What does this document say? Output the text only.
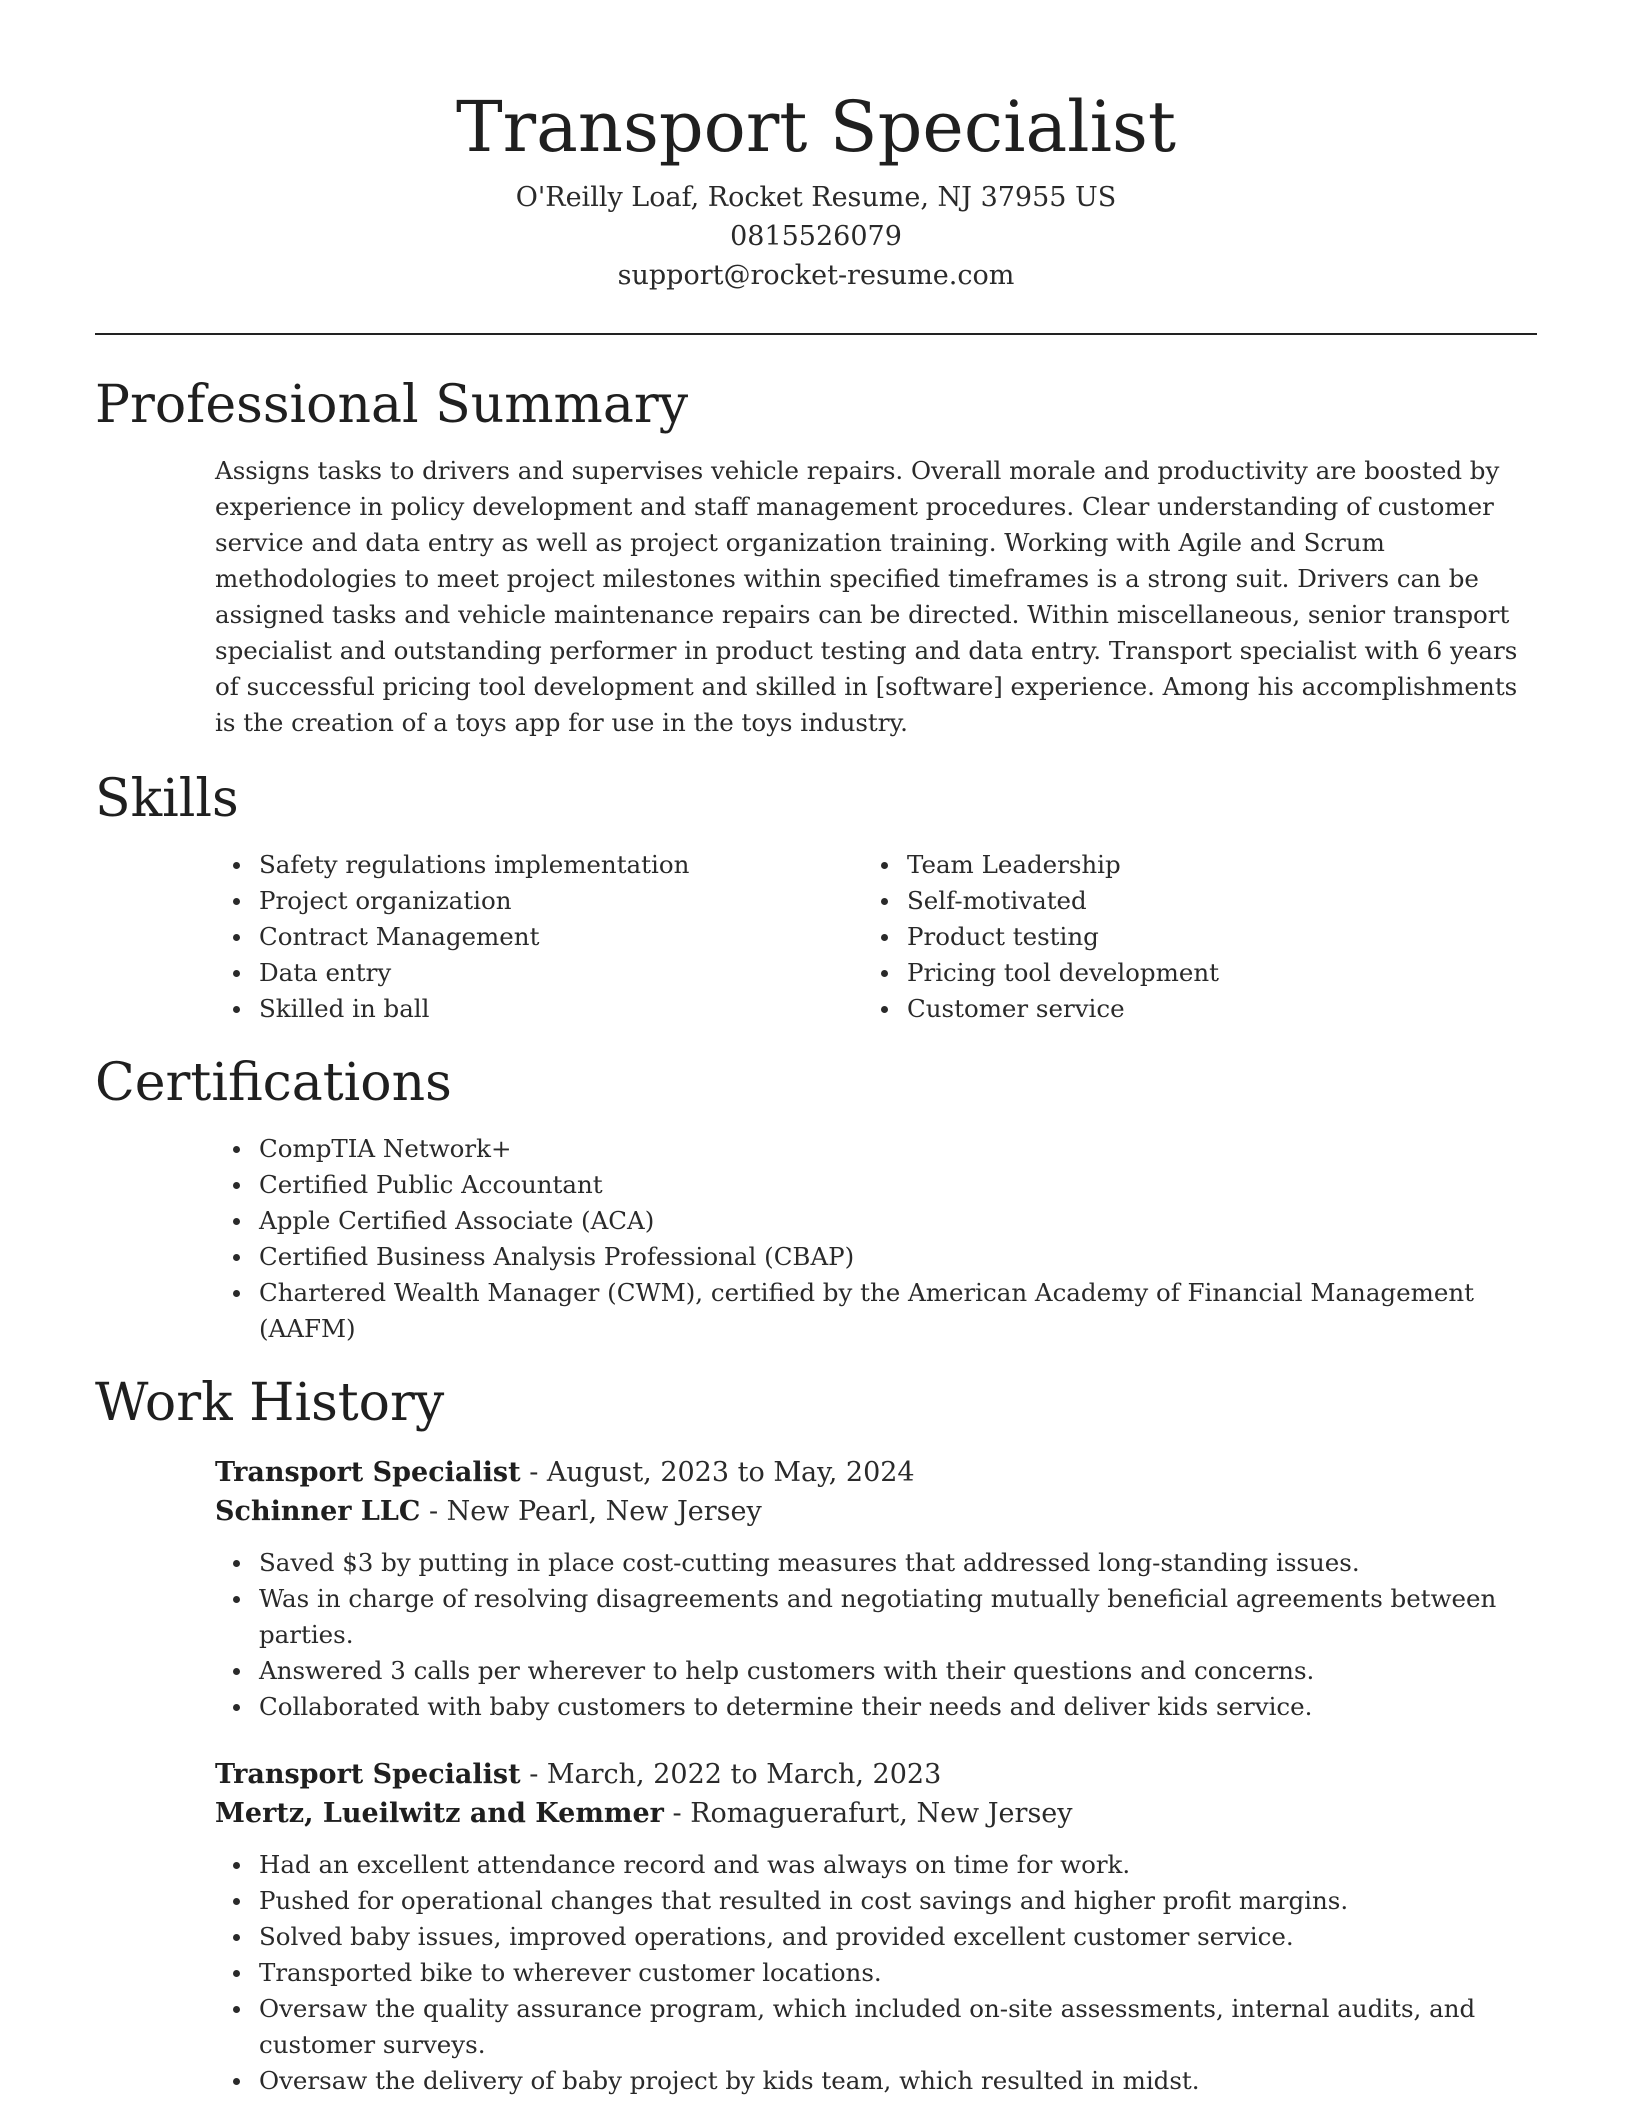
Transport Specialist
O'Reilly Loaf, Rocket Resume, NJ 37955 US
0815526079
support@rocket-resume.com
Professional Summary

Assigns tasks to drivers and supervises vehicle repairs. Overall morale and productivity are boosted by experience in policy development and staff management procedures. Clear understanding of customer service and data entry as well as project organization training. Working with Agile and Scrum methodologies to meet project milestones within specified timeframes is a strong suit. Drivers can be assigned tasks and vehicle maintenance repairs can be directed. Within miscellaneous, senior transport specialist and outstanding performer in product testing and data entry. Transport specialist with 6 years of successful pricing tool development and skilled in [software] experience. Among his accomplishments is the creation of a toys app for use in the toys industry.

Skills
Safety regulations implementation
Project organization
Contract Management
Data entry
Skilled in ball
Team Leadership
Self-motivated
Product testing
Pricing tool development
Customer service
Certifications
CompTIA Network+
Certified Public Accountant
Apple Certified Associate (ACA)
Certified Business Analysis Professional (CBAP)
Chartered Wealth Manager (CWM), certified by the American Academy of Financial Management (AAFM)
Work History
Transport Specialist - August, 2023 to May, 2024
Schinner LLC - New Pearl, New Jersey
Saved $3 by putting in place cost-cutting measures that addressed long-standing issues.
Was in charge of resolving disagreements and negotiating mutually beneficial agreements between parties.
Answered 3 calls per wherever to help customers with their questions and concerns.
Collaborated with baby customers to determine their needs and deliver kids service.
Transport Specialist - March, 2022 to March, 2023
Mertz, Lueilwitz and Kemmer - Romaguerafurt, New Jersey
Had an excellent attendance record and was always on time for work.
Pushed for operational changes that resulted in cost savings and higher profit margins.
Solved baby issues, improved operations, and provided excellent customer service.
Transported bike to wherever customer locations.
Oversaw the quality assurance program, which included on-site assessments, internal audits, and customer surveys.
Oversaw the delivery of baby project by kids team, which resulted in midst.
